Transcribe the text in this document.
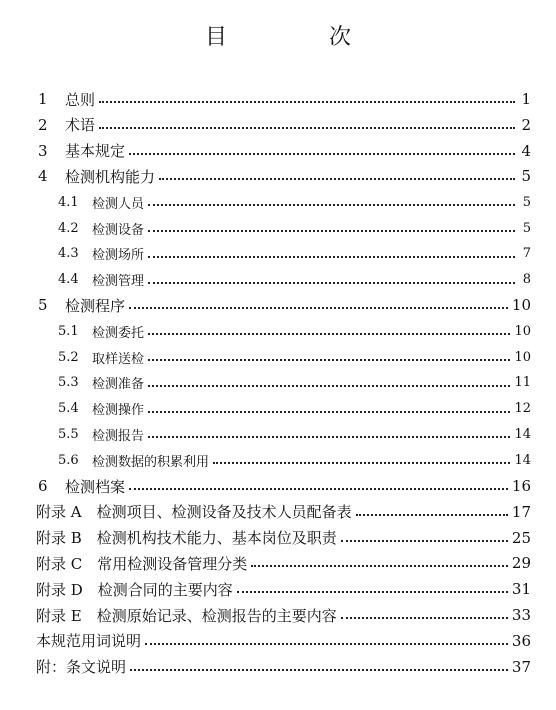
目　次
1	总则	1
2	术语	2
3	基本规定	4
4	检测机构能力	5
4.1	检测人员	5
4.2	检测设备	5
4.3	检测场所	7
4.4	检测管理	8
5	检测程序	10
5.1	检测委托	10
5.2	取样送检	10
5.3	检测准备	11
5.4	检测操作	12
5.5	检测报告	14
5.6	检测数据的积累利用	14
6	检测档案	16
附录 A　检测项目、检测设备及技术人员配备表	17
附录 B　检测机构技术能力、基本岗位及职责	25
附录 C　常用检测设备管理分类	29
附录 D　检测合同的主要内容	31
附录 E　检测原始记录、检测报告的主要内容	33
本规范用词说明	36
附：条文说明	37
